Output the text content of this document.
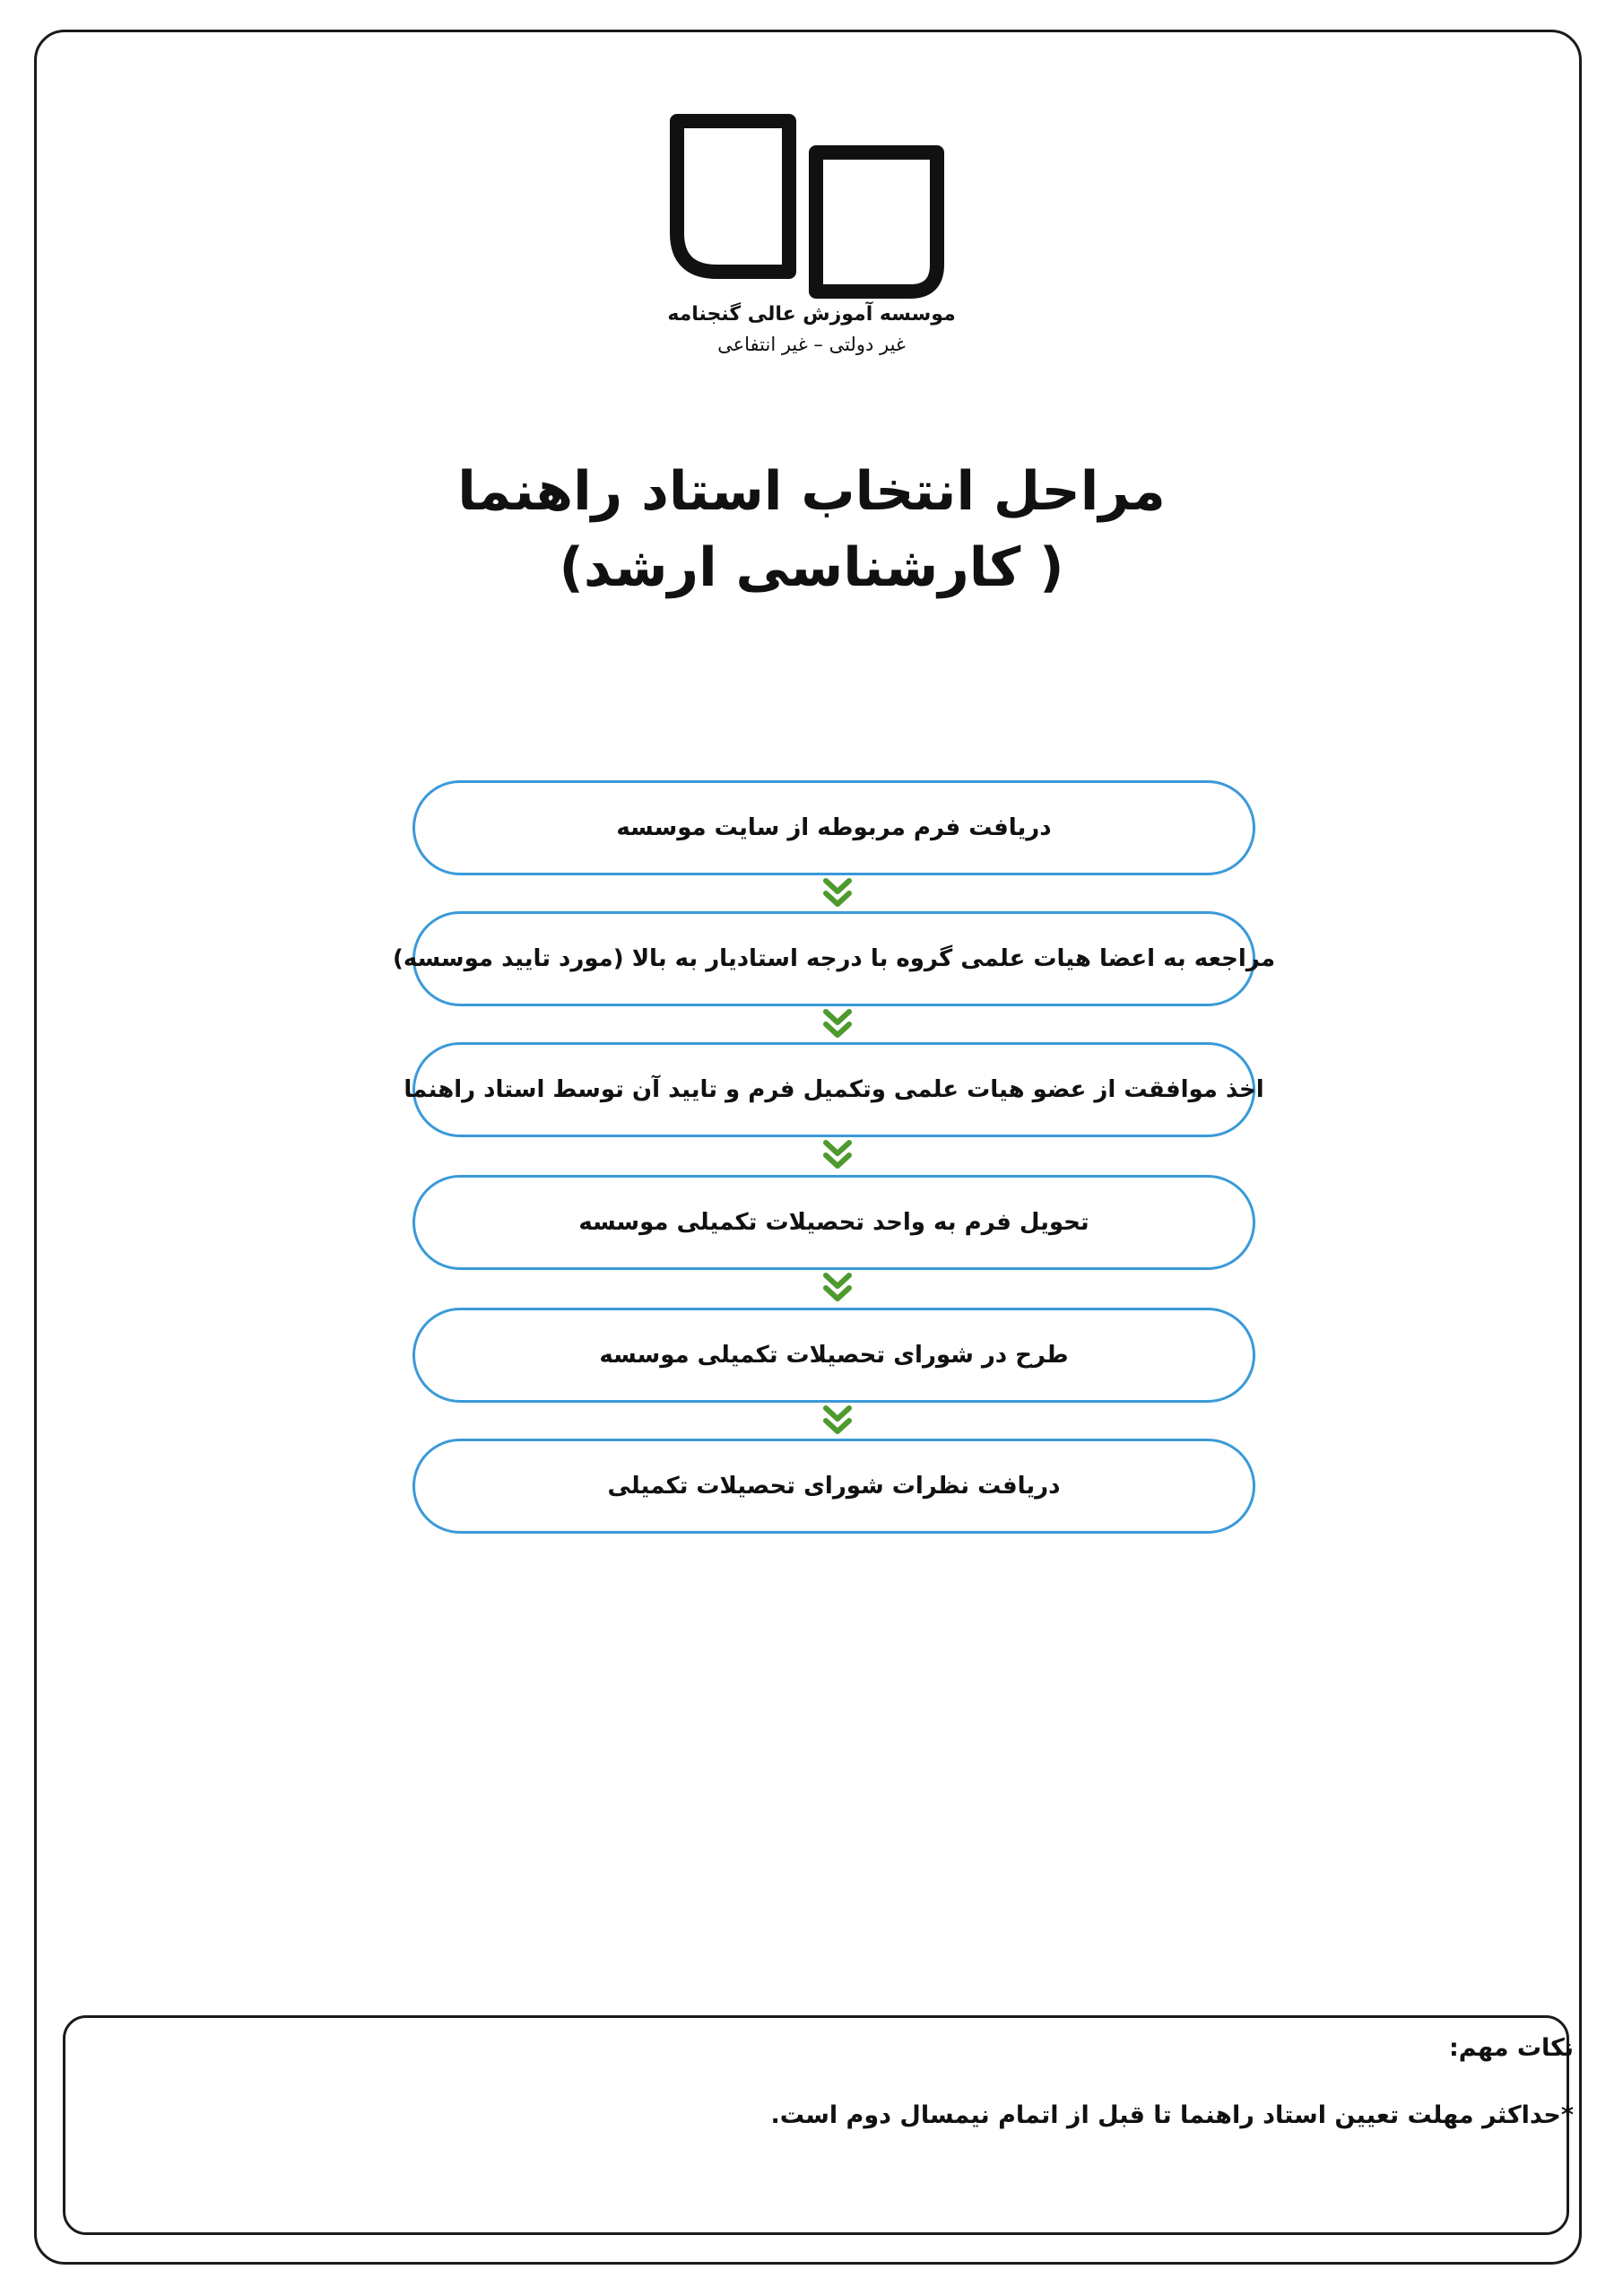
موسسه آموزش عالی گنجنامه
غیر دولتی – غیر انتفاعی
مراحل انتخاب استاد راهنما
( کارشناسی ارشد)
دریافت فرم مربوطه از سایت موسسه
مراجعه به اعضا هیات علمی گروه با درجه استادیار به بالا (مورد تایید موسسه)
اخذ موافقت از عضو هیات علمی وتکمیل فرم و تایید آن توسط استاد راهنما
تحویل فرم به واحد تحصیلات تکمیلی موسسه
طرح در شورای تحصیلات تکمیلی موسسه
دریافت نظرات شورای تحصیلات تکمیلی
نکات مهم:
*حداکثر مهلت تعیین استاد راهنما تا قبل از اتمام نیمسال دوم است.
